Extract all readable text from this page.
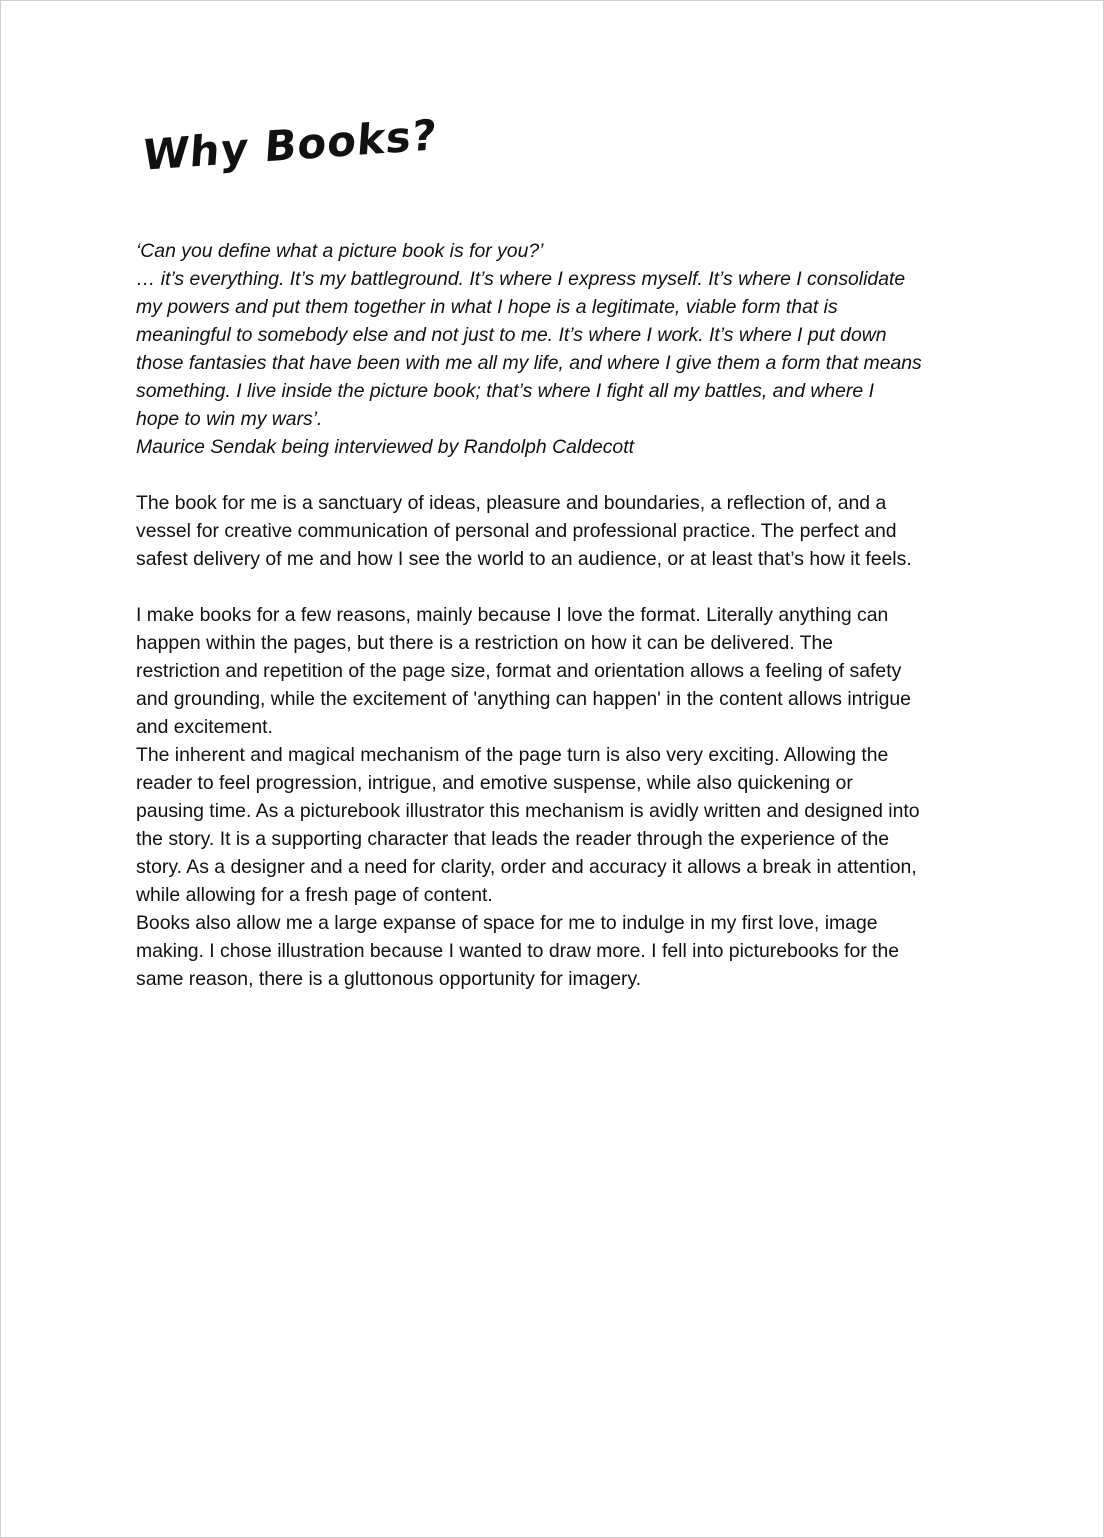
Why Books?
‘Can you define what a picture book is for you?’
… it’s everything. It’s my battleground. It’s where I express myself. It’s where I consolidate
my powers and put them together in what I hope is a legitimate, viable form that is
meaningful to somebody else and not just to me. It’s where I work. It’s where I put down
those fantasies that have been with me all my life, and where I give them a form that means
something. I live inside the picture book; that’s where I fight all my battles, and where I
hope to win my wars’.
Maurice Sendak being interviewed by Randolph Caldecott
The book for me is a sanctuary of ideas, pleasure and boundaries, a reflection of, and a
vessel for creative communication of personal and professional practice. The perfect and
safest delivery of me and how I see the world to an audience, or at least that’s how it feels.
I make books for a few reasons, mainly because I love the format. Literally anything can
happen within the pages, but there is a restriction on how it can be delivered. The
restriction and repetition of the page size, format and orientation allows a feeling of safety
and grounding, while the excitement of 'anything can happen' in the content allows intrigue
and excitement.
The inherent and magical mechanism of the page turn is also very exciting. Allowing the
reader to feel progression, intrigue, and emotive suspense, while also quickening or
pausing time. As a picturebook illustrator this mechanism is avidly written and designed into
the story. It is a supporting character that leads the reader through the experience of the
story. As a designer and a need for clarity, order and accuracy it allows a break in attention,
while allowing for a fresh page of content.
Books also allow me a large expanse of space for me to indulge in my first love, image
making. I chose illustration because I wanted to draw more. I fell into picturebooks for the
same reason, there is a gluttonous opportunity for imagery.
